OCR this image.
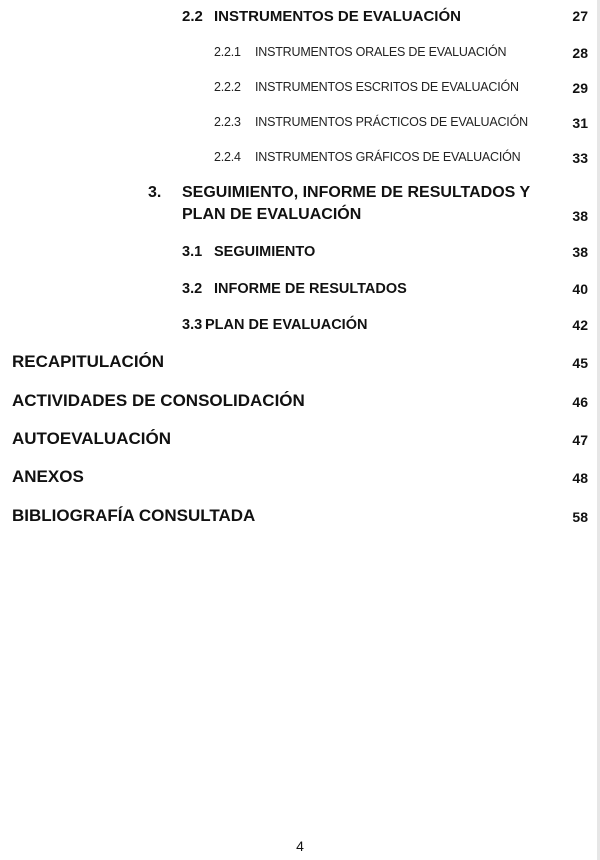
2.2 INSTRUMENTOS DE EVALUACIÓN	27
2.2.1 INSTRUMENTOS ORALES DE EVALUACIÓN	28
2.2.2 INSTRUMENTOS ESCRITOS DE EVALUACIÓN	29
2.2.3 INSTRUMENTOS PRÁCTICOS DE EVALUACIÓN	31
2.2.4 INSTRUMENTOS GRÁFICOS DE EVALUACIÓN	33
3. SEGUIMIENTO, INFORME DE RESULTADOS Y
PLAN DE EVALUACIÓN	38
3.1 SEGUIMIENTO	38
3.2 INFORME DE RESULTADOS	40
3.3 PLAN DE EVALUACIÓN	42
RECAPITULACIÓN	45
ACTIVIDADES DE CONSOLIDACIÓN	46
AUTOEVALUACIÓN	47
ANEXOS	48
BIBLIOGRAFÍA CONSULTADA	58
4
